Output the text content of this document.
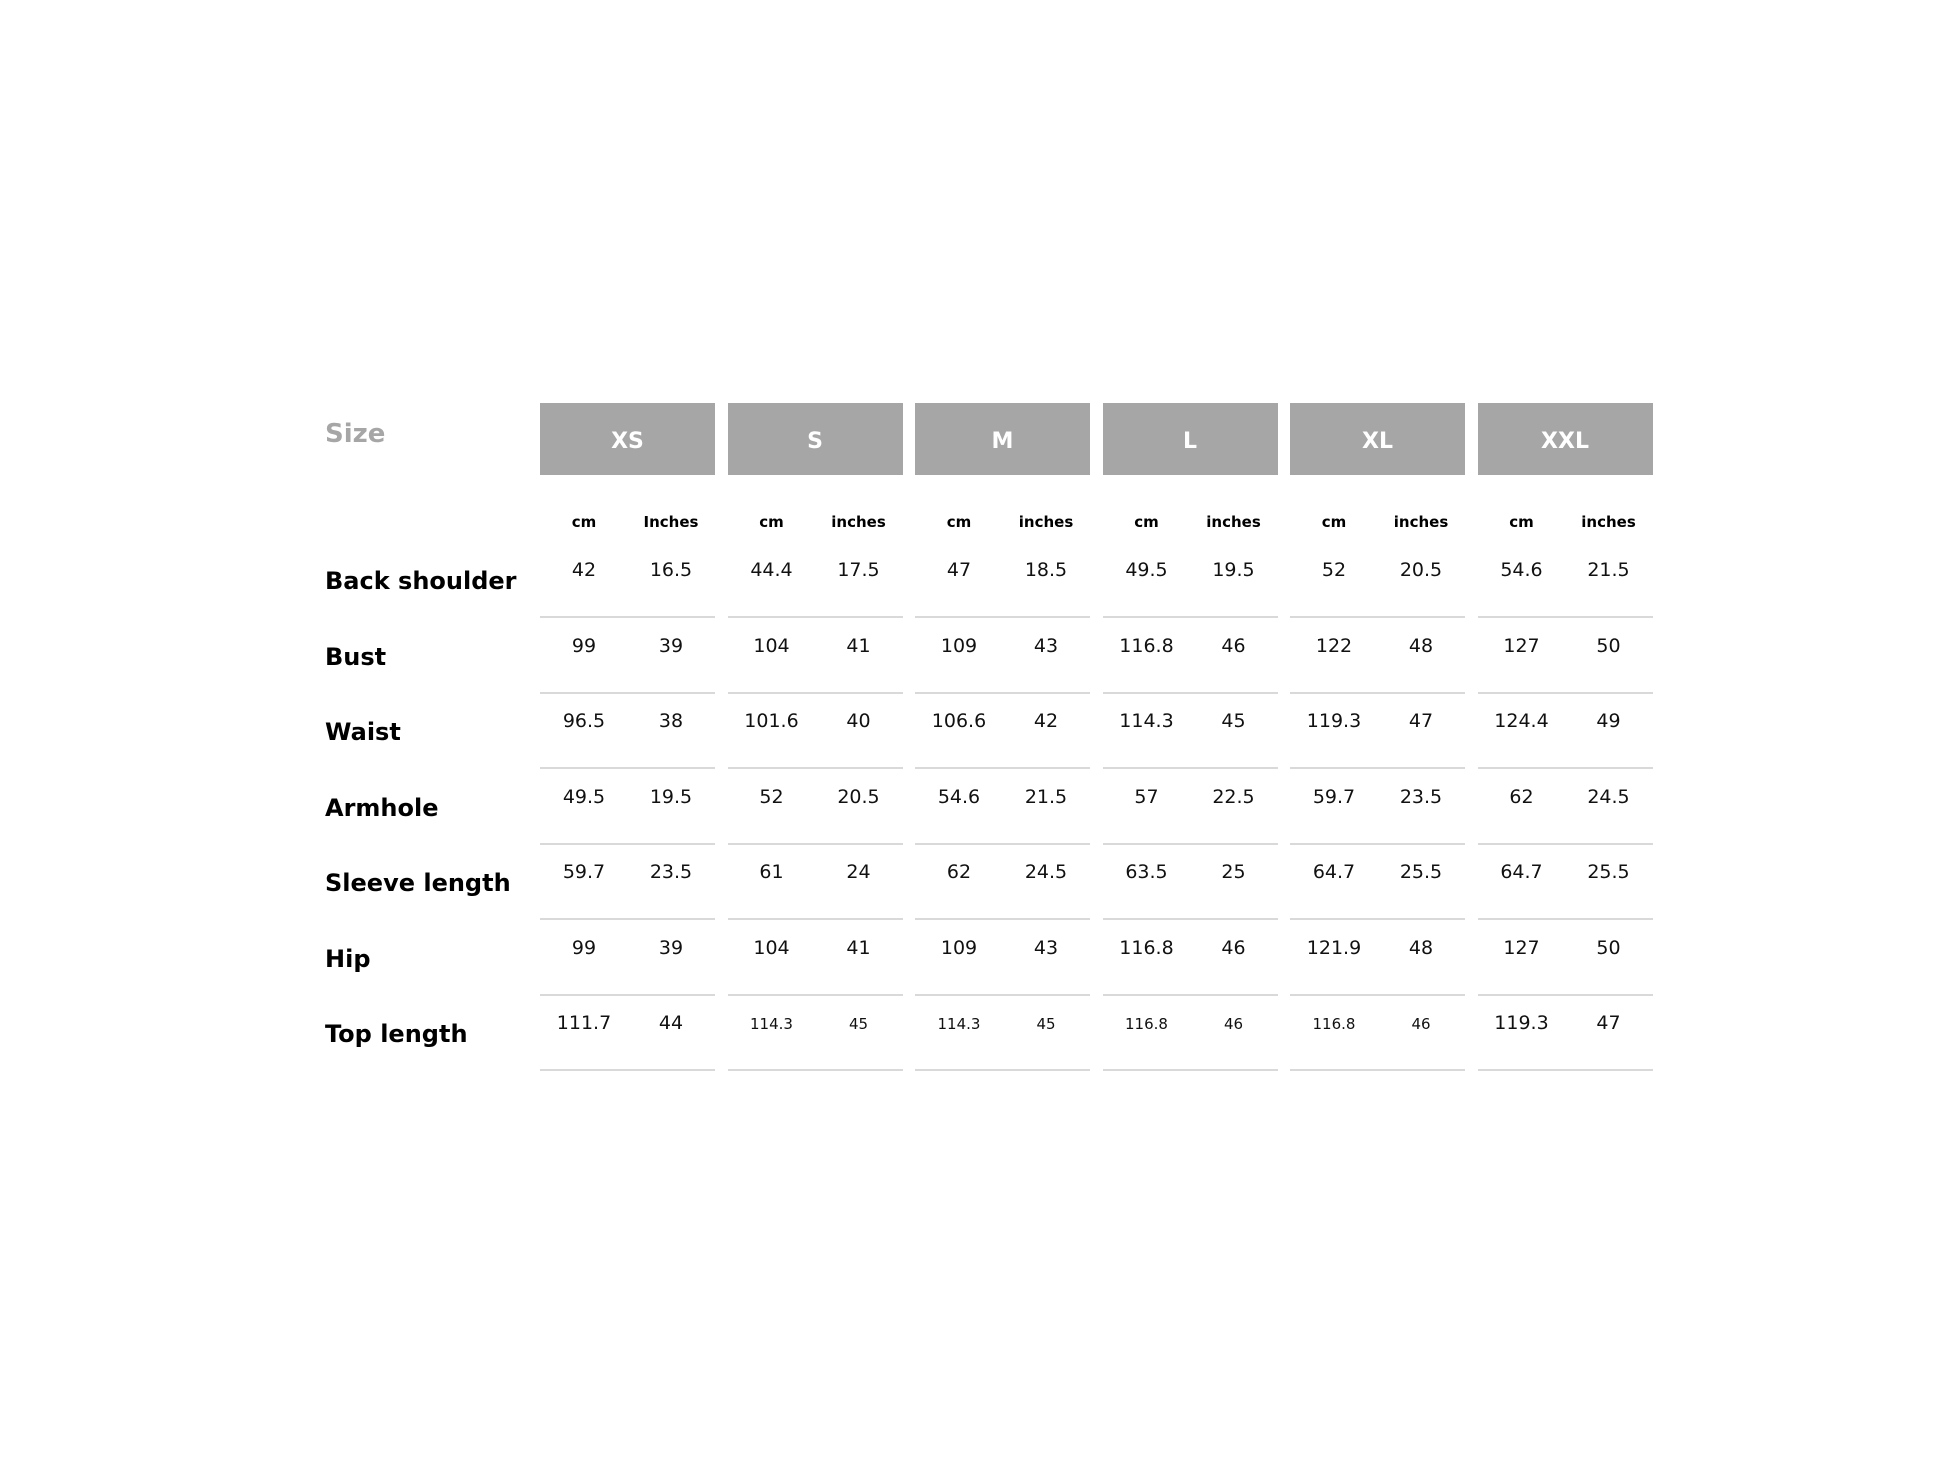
Size	XS	S	M	L	XL	XXL
cm	Inches	cm	inches	cm	inches	cm	inches	cm	inches	cm	inches
Back shoulder	42	16.5	44.4	17.5	47	18.5	49.5	19.5	52	20.5	54.6	21.5
Bust	99	39	104	41	109	43	116.8	46	122	48	127	50
Waist	96.5	38	101.6	40	106.6	42	114.3	45	119.3	47	124.4	49
Armhole	49.5	19.5	52	20.5	54.6	21.5	57	22.5	59.7	23.5	62	24.5
Sleeve length	59.7	23.5	61	24	62	24.5	63.5	25	64.7	25.5	64.7	25.5
Hip	99	39	104	41	109	43	116.8	46	121.9	48	127	50
Top length	111.7	44	114.3	45	114.3	45	116.8	46	116.8	46	119.3	47
